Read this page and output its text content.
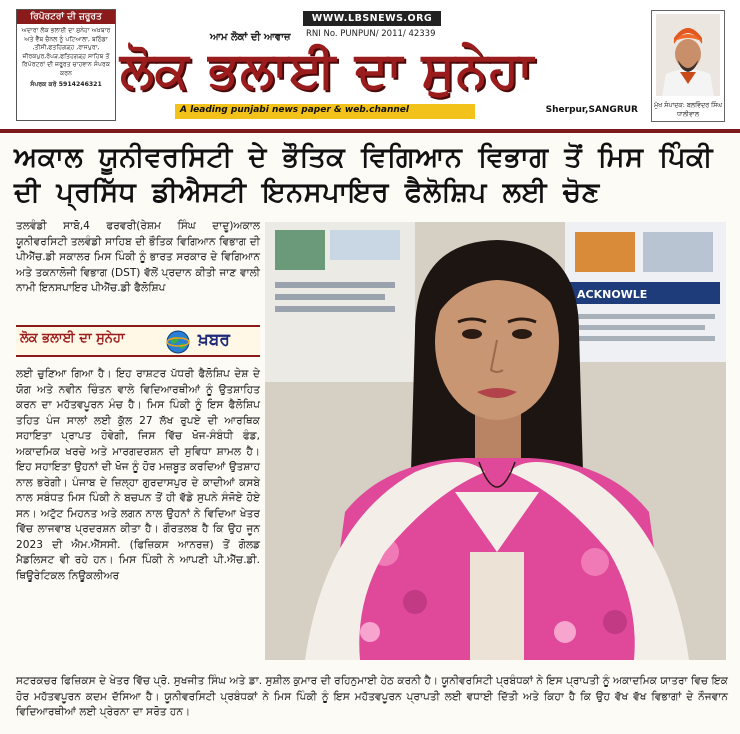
ਰਿਪੋਰਟਰਾਂ ਦੀ ਜ਼ਰੂਰਤ
ਅਦਾਰਾ ਲੋਕ ਭਲਾਈ ਦਾ ਸੁਨੇਹਾ ਅਖ਼ਬਾਰ ਅਤੇ ਵੈੱਬ ਚੈਨਲ ਨੂੰ ਪਟਿਆਲਾ, ਬਠਿੰਡਾ ,ਤੀਸੀ,ਫਤਹਿਗੜ੍ਹ ,ਰਾਜਪੁਰਾ, ਜ਼ੀਰਕਪੁਰ,ਰੋਪੜ,ਫਤਿਹਗੜ੍ਹ ਸਾਹਿਬ ਤੋਂ ਰਿਪੋਰਟਰਾਂ ਦੀ ਜ਼ਰੂਰਤ ਚਾਹਵਾਨ ਸੰਪਰਕ ਕਰਨ
ਸੰਪਰਕ ਕਰੋ 5914246321
WWW.LBSNEWS.ORG
RNI No. PUNPUN/ 2011/ 42339
ਆਮ ਲੋਕਾਂ ਦੀ ਆਵਾਜ਼
ਲੋਕ ਭਲਾਈ ਦਾ ਸੁਨੇਹਾ
A leading punjabi news paper & web.channel	Sherpur,SANGRUR	ਮੁੱਖ ਸੰਪਾਦਕ: ਬਲਵਿੰਦਰ ਸਿੰਘ ਧਾਲੀਵਾਲ
ਅਕਾਲ ਯੂਨੀਵਰਸਿਟੀ ਦੇ ਭੌਤਿਕ ਵਿਗਿਆਨ ਵਿਭਾਗ ਤੋਂ ਮਿਸ ਪਿੰਕੀ ਦੀ ਪ੍ਰਸਿੱਧ ਡੀਐਸਟੀ ਇਨਸਪਾਇਰ ਫੈਲੋਸ਼ਿਪ ਲਈ ਚੋਣ
ਤਲਵੰਡੀ ਸਾਬੋ,4 ਫਰਵਰੀ(ਰੇਸ਼ਮ ਸਿੰਘ ਦਾਦੂ)ਅਕਾਲ ਯੂਨੀਵਰਸਿਟੀ ਤਲਵੰਡੀ ਸਾਹਿਬ ਦੀ ਭੌਤਿਕ ਵਿਗਿਆਨ ਵਿਭਾਗ ਦੀ ਪੀਐੱਚ.ਡੀ ਸਕਾਲਰ ਮਿਸ ਪਿੰਕੀ ਨੂੰ ਭਾਰਤ ਸਰਕਾਰ ਦੇ ਵਿਗਿਆਨ ਅਤੇ ਤਕਨਾਲੋਜੀ ਵਿਭਾਗ (DST) ਵੱਲੋਂ ਪ੍ਰਦਾਨ ਕੀਤੀ ਜਾਣ ਵਾਲੀ ਨਾਮੀ ਇਨਸਪਾਇਰ ਪੀਐੱਚ.ਡੀ ਫੈਲੋਸ਼ਿਪ
ਲੋਕ ਭਲਾਈ ਦਾ ਸੁਨੇਹਾ	ਖ਼ਬਰ
ਲਈ ਚੁਣਿਆ ਗਿਆ ਹੈ। ਇਹ ਰਾਸ਼ਟਰ ਪੱਧਰੀ ਫੈਲੋਸ਼ਿਪ ਦੇਸ਼ ਦੇ ਯੋਗ ਅਤੇ ਨਵੀਨ ਚਿੰਤਨ ਵਾਲੇ ਵਿਦਿਆਰਥੀਆਂ ਨੂੰ ਉਤਸ਼ਾਹਿਤ ਕਰਨ ਦਾ ਮਹੱਤਵਪੂਰਨ ਮੰਚ ਹੈ। ਮਿਸ ਪਿੰਕੀ ਨੂੰ ਇਸ ਫੈਲੋਸ਼ਿਪ ਤਹਿਤ ਪੰਜ ਸਾਲਾਂ ਲਈ ਕੁੱਲ 27 ਲੱਖ ਰੁਪਏ ਦੀ ਆਰਥਿਕ ਸਹਾਇਤਾ ਪ੍ਰਾਪਤ ਹੋਵੇਗੀ, ਜਿਸ ਵਿੱਚ ਖੋਜ-ਸੰਬੰਧੀ ਫੰਡ, ਅਕਾਦਮਿਕ ਖਰਚੇ ਅਤੇ ਮਾਰਗਦਰਸ਼ਨ ਦੀ ਸੁਵਿਧਾ ਸ਼ਾਮਲ ਹੈ। ਇਹ ਸਹਾਇਤਾ ਉਹਨਾਂ ਦੀ ਖੋਜ ਨੂੰ ਹੋਰ ਮਜ਼ਬੂਤ ਕਰਦਿਆਂ ਉਤਸ਼ਾਹ ਨਾਲ ਭਰੇਗੀ। ਪੰਜਾਬ ਦੇ ਜ਼ਿਲ੍ਹਾ ਗੁਰਦਾਸਪੁਰ ਦੇ ਕਾਦੀਆਂ ਕਸਬੇ ਨਾਲ ਸਬੰਧਤ ਮਿਸ ਪਿੰਕੀ ਨੇ ਬਚਪਨ ਤੋਂ ਹੀ ਵੱਡੇ ਸੁਪਨੇ ਸੰਜੋਏ ਹੋਏ ਸਨ। ਅਟੁੱਟ ਮਿਹਨਤ ਅਤੇ ਲਗਨ ਨਾਲ ਉਹਨਾਂ ਨੇ ਵਿਦਿਆ ਖੇਤਰ ਵਿੱਚ ਲਾਜਵਾਬ ਪ੍ਰਦਰਸ਼ਨ ਕੀਤਾ ਹੈ। ਗੌਰਤਲਬ ਹੈ ਕਿ ਉਹ ਜੂਨ 2023 ਦੀ ਐਮ.ਐੱਸਸੀ. (ਫਿਜ਼ਿਕਸ ਆਨਰਜ਼) ਤੋਂ ਗੋਲਡ ਮੈਡਲਿਸਟ ਵੀ ਰਹੇ ਹਨ। ਮਿਸ ਪਿੰਕੀ ਨੇ ਆਪਣੀ ਪੀ.ਐੱਚ.ਡੀ. ਥਿਊਰੇਟਿਕਲ ਨਿਊਕਲੀਅਰ
ACKNOWLE
ਸਟਰਕਚਰ ਫਿਜ਼ਿਕਸ ਦੇ ਖੇਤਰ ਵਿੱਚ ਪ੍ਰੋ. ਸੁਖਜੀਤ ਸਿੰਘ ਅਤੇ ਡਾ. ਸੁਸ਼ੀਲ ਕੁਮਾਰ ਦੀ ਰਹਿਨੁਮਾਈ ਹੇਠ ਕਰਨੀ ਹੈ। ਯੂਨੀਵਰਸਿਟੀ ਪ੍ਰਬੰਧਕਾਂ ਨੇ ਇਸ ਪ੍ਰਾਪਤੀ ਨੂੰ ਅਕਾਦਮਿਕ ਯਾਤਰਾ ਵਿਚ ਇਕ ਹੋਰ ਮਹੱਤਵਪੂਰਨ ਕਦਮ ਦੱਸਿਆ ਹੈ। ਯੂਨੀਵਰਸਿਟੀ ਪ੍ਰਬੰਧਕਾਂ ਨੇ ਮਿਸ ਪਿੰਕੀ ਨੂੰ ਇਸ ਮਹੱਤਵਪੂਰਨ ਪ੍ਰਾਪਤੀ ਲਈ ਵਧਾਈ ਦਿੱਤੀ ਅਤੇ ਕਿਹਾ ਹੈ ਕਿ ਉਹ ਵੱਖ ਵੱਖ ਵਿਭਾਗਾਂ ਦੇ ਨੌਜਵਾਨ ਵਿਦਿਆਰਥੀਆਂ ਲਈ ਪ੍ਰੇਰਨਾ ਦਾ ਸਰੋਤ ਹਨ।
